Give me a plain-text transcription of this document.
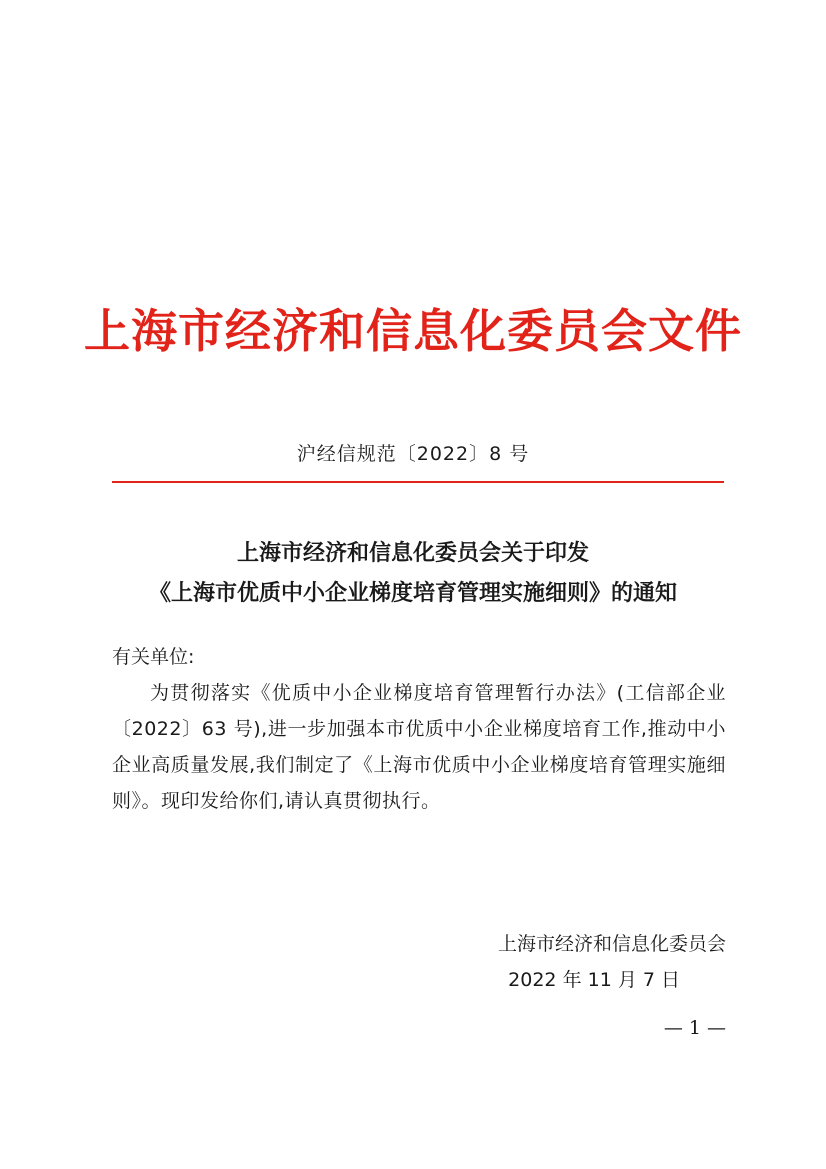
上海市经济和信息化委员会文件
沪经信规范〔2022〕8 号
上海市经济和信息化委员会关于印发
《上海市优质中小企业梯度培育管理实施细则》的通知
有关单位:
为贯彻落实《优质中小企业梯度培育管理暂行办法》(工信部企业〔2022〕63 号),进一步加强本市优质中小企业梯度培育工作,推动中小企业高质量发展,我们制定了《上海市优质中小企业梯度培育管理实施细则》。现印发给你们,请认真贯彻执行。
上海市经济和信息化委员会
2022 年 11 月 7 日
— 1 —
